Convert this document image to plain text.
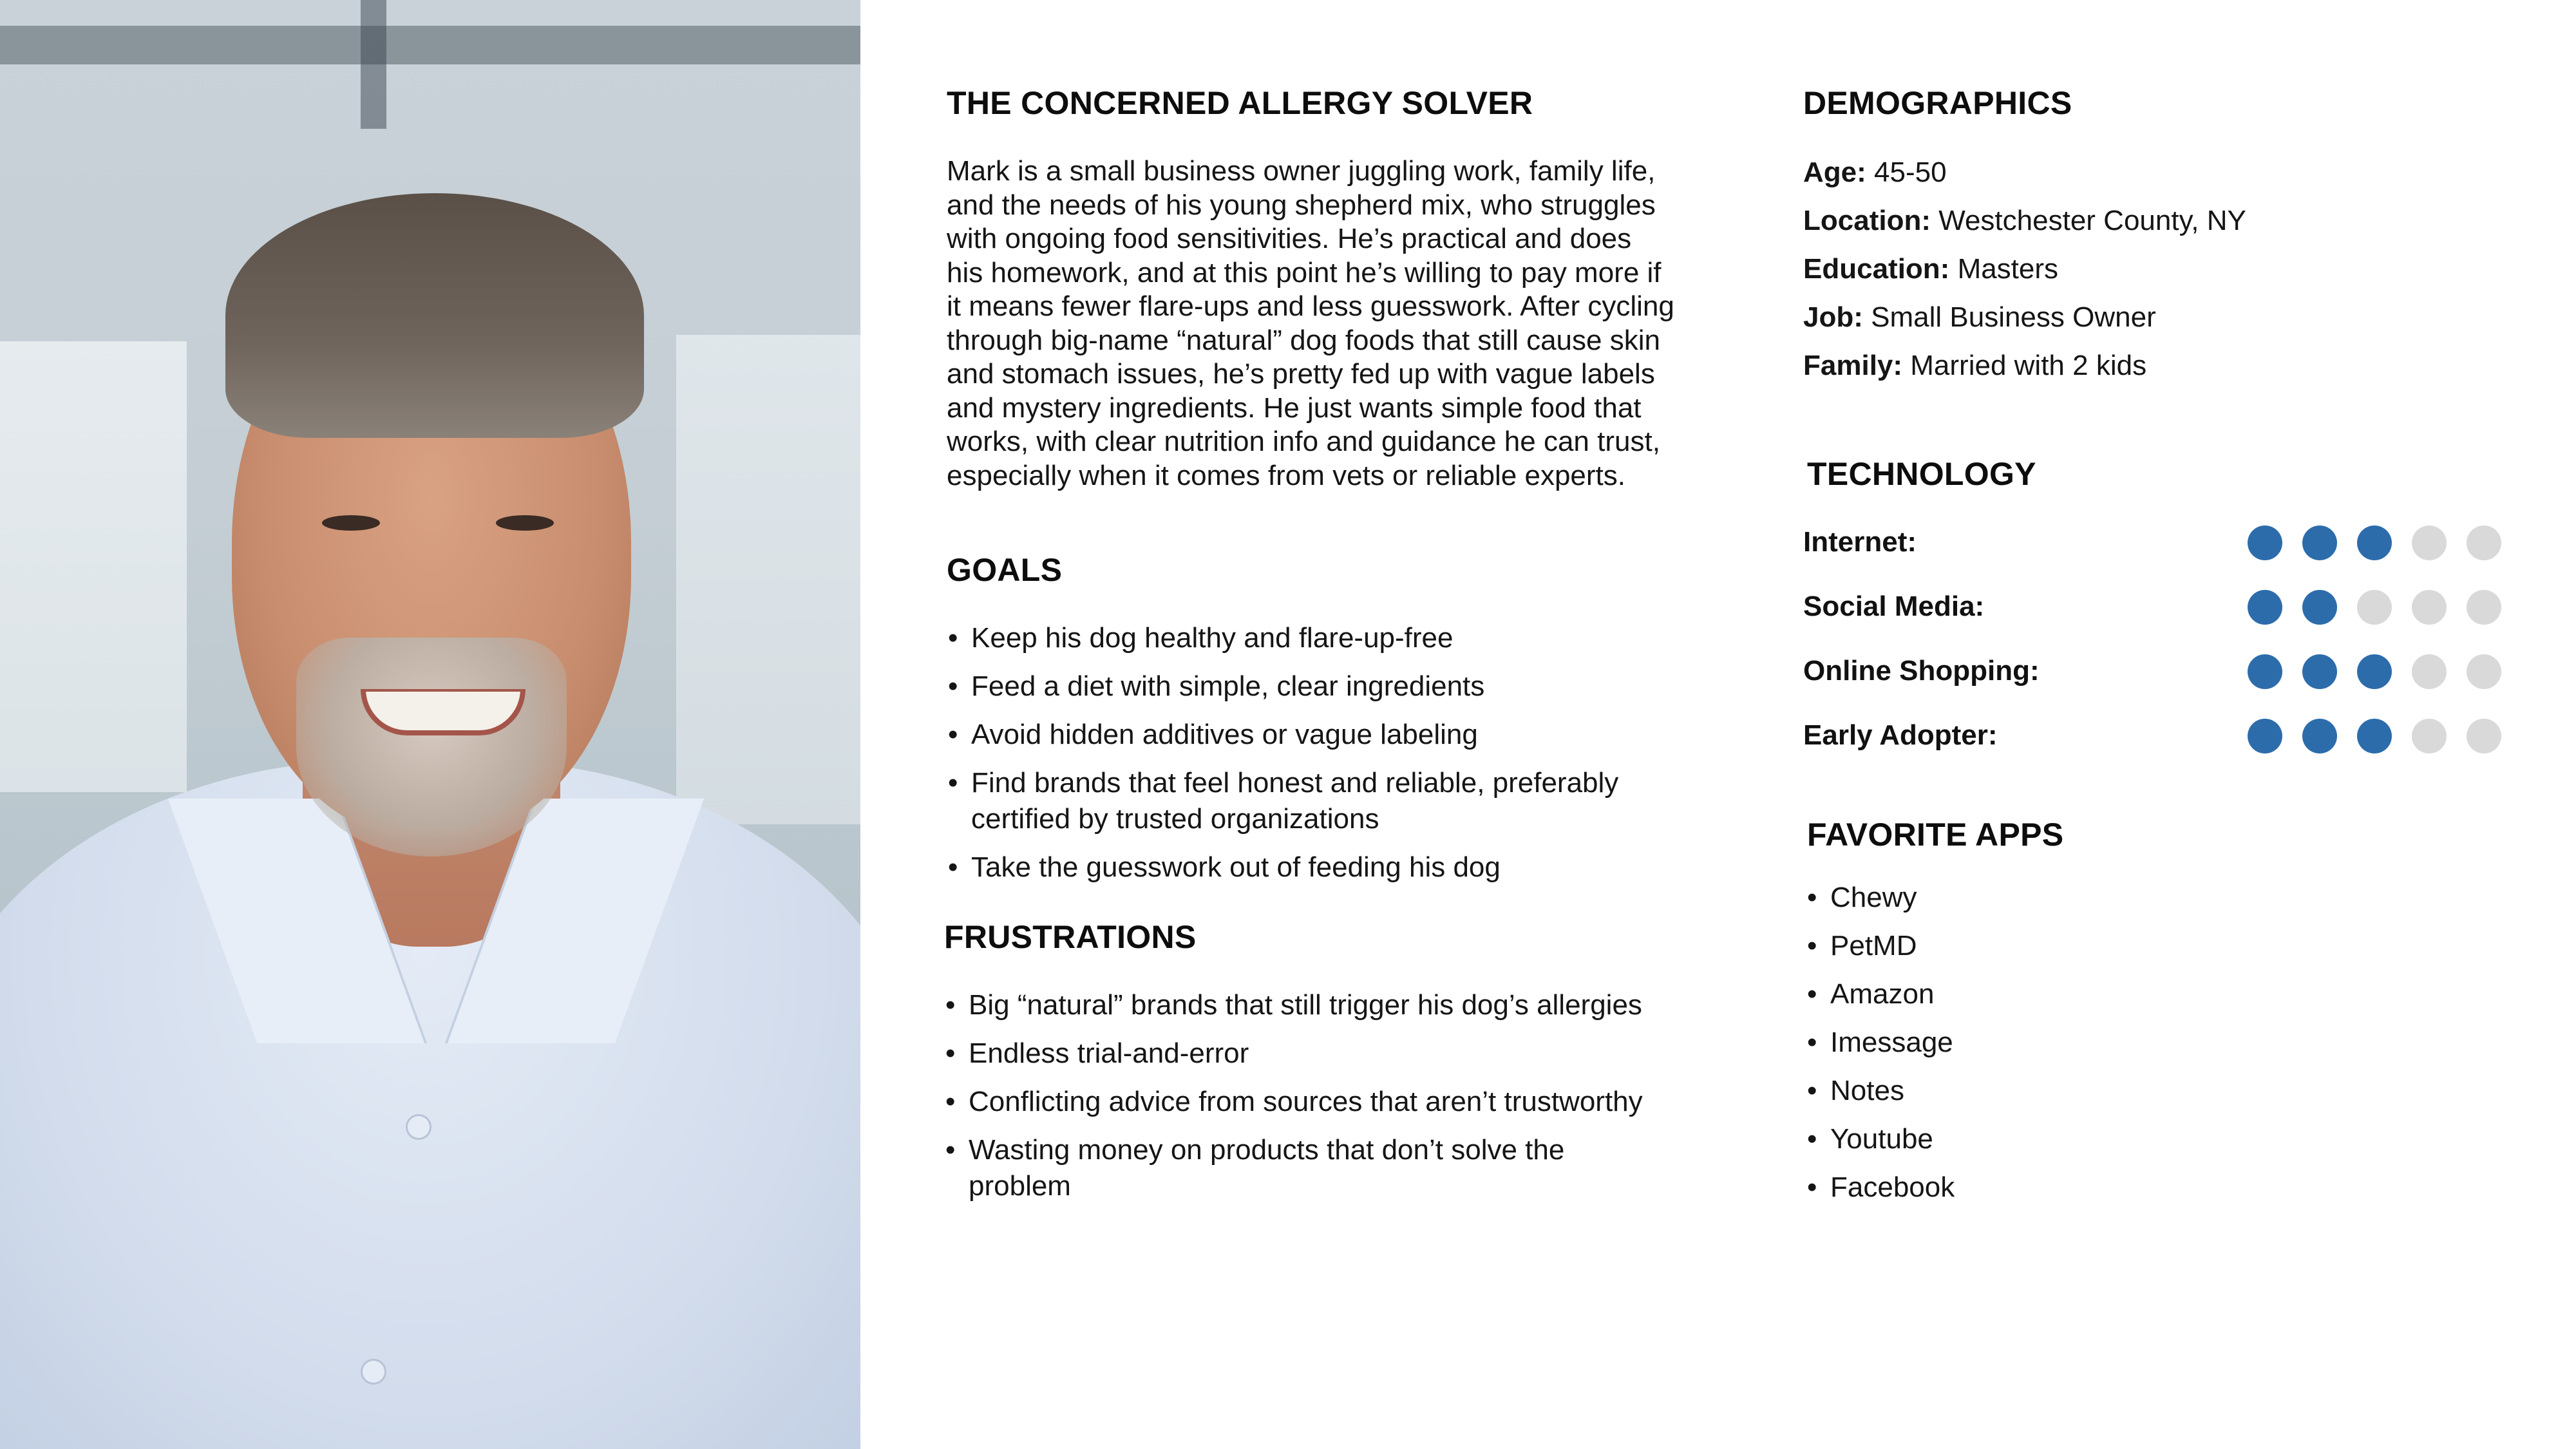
THE CONCERNED ALLERGY SOLVER
Mark is a small business owner juggling work, family life, and the needs of his young shepherd mix, who struggles with ongoing food sensitivities. He’s practical and does his homework, and at this point he’s willing to pay more if it means fewer flare-ups and less guesswork. After cycling through big-name “natural” dog foods that still cause skin and stomach issues, he’s pretty fed up with vague labels and mystery ingredients. He just wants simple food that works, with clear nutrition info and guidance he can trust, especially when it comes from vets or reliable experts.
GOALS
• Keep his dog healthy and flare-up-free
• Feed a diet with simple, clear ingredients
• Avoid hidden additives or vague labeling
• Find brands that feel honest and reliable, preferably certified by trusted organizations
• Take the guesswork out of feeding his dog
FRUSTRATIONS
• Big “natural” brands that still trigger his dog’s allergies
• Endless trial-and-error
• Conflicting advice from sources that aren’t trustworthy
• Wasting money on products that don’t solve the problem
DEMOGRAPHICS
Age: 45-50
Location: Westchester County, NY
Education: Masters
Job: Small Business Owner
Family: Married with 2 kids
TECHNOLOGY
Internet:
Social Media:
Online Shopping:
Early Adopter:
FAVORITE APPS
• Chewy
• PetMD
• Amazon
• Imessage
• Notes
• Youtube
• Facebook
